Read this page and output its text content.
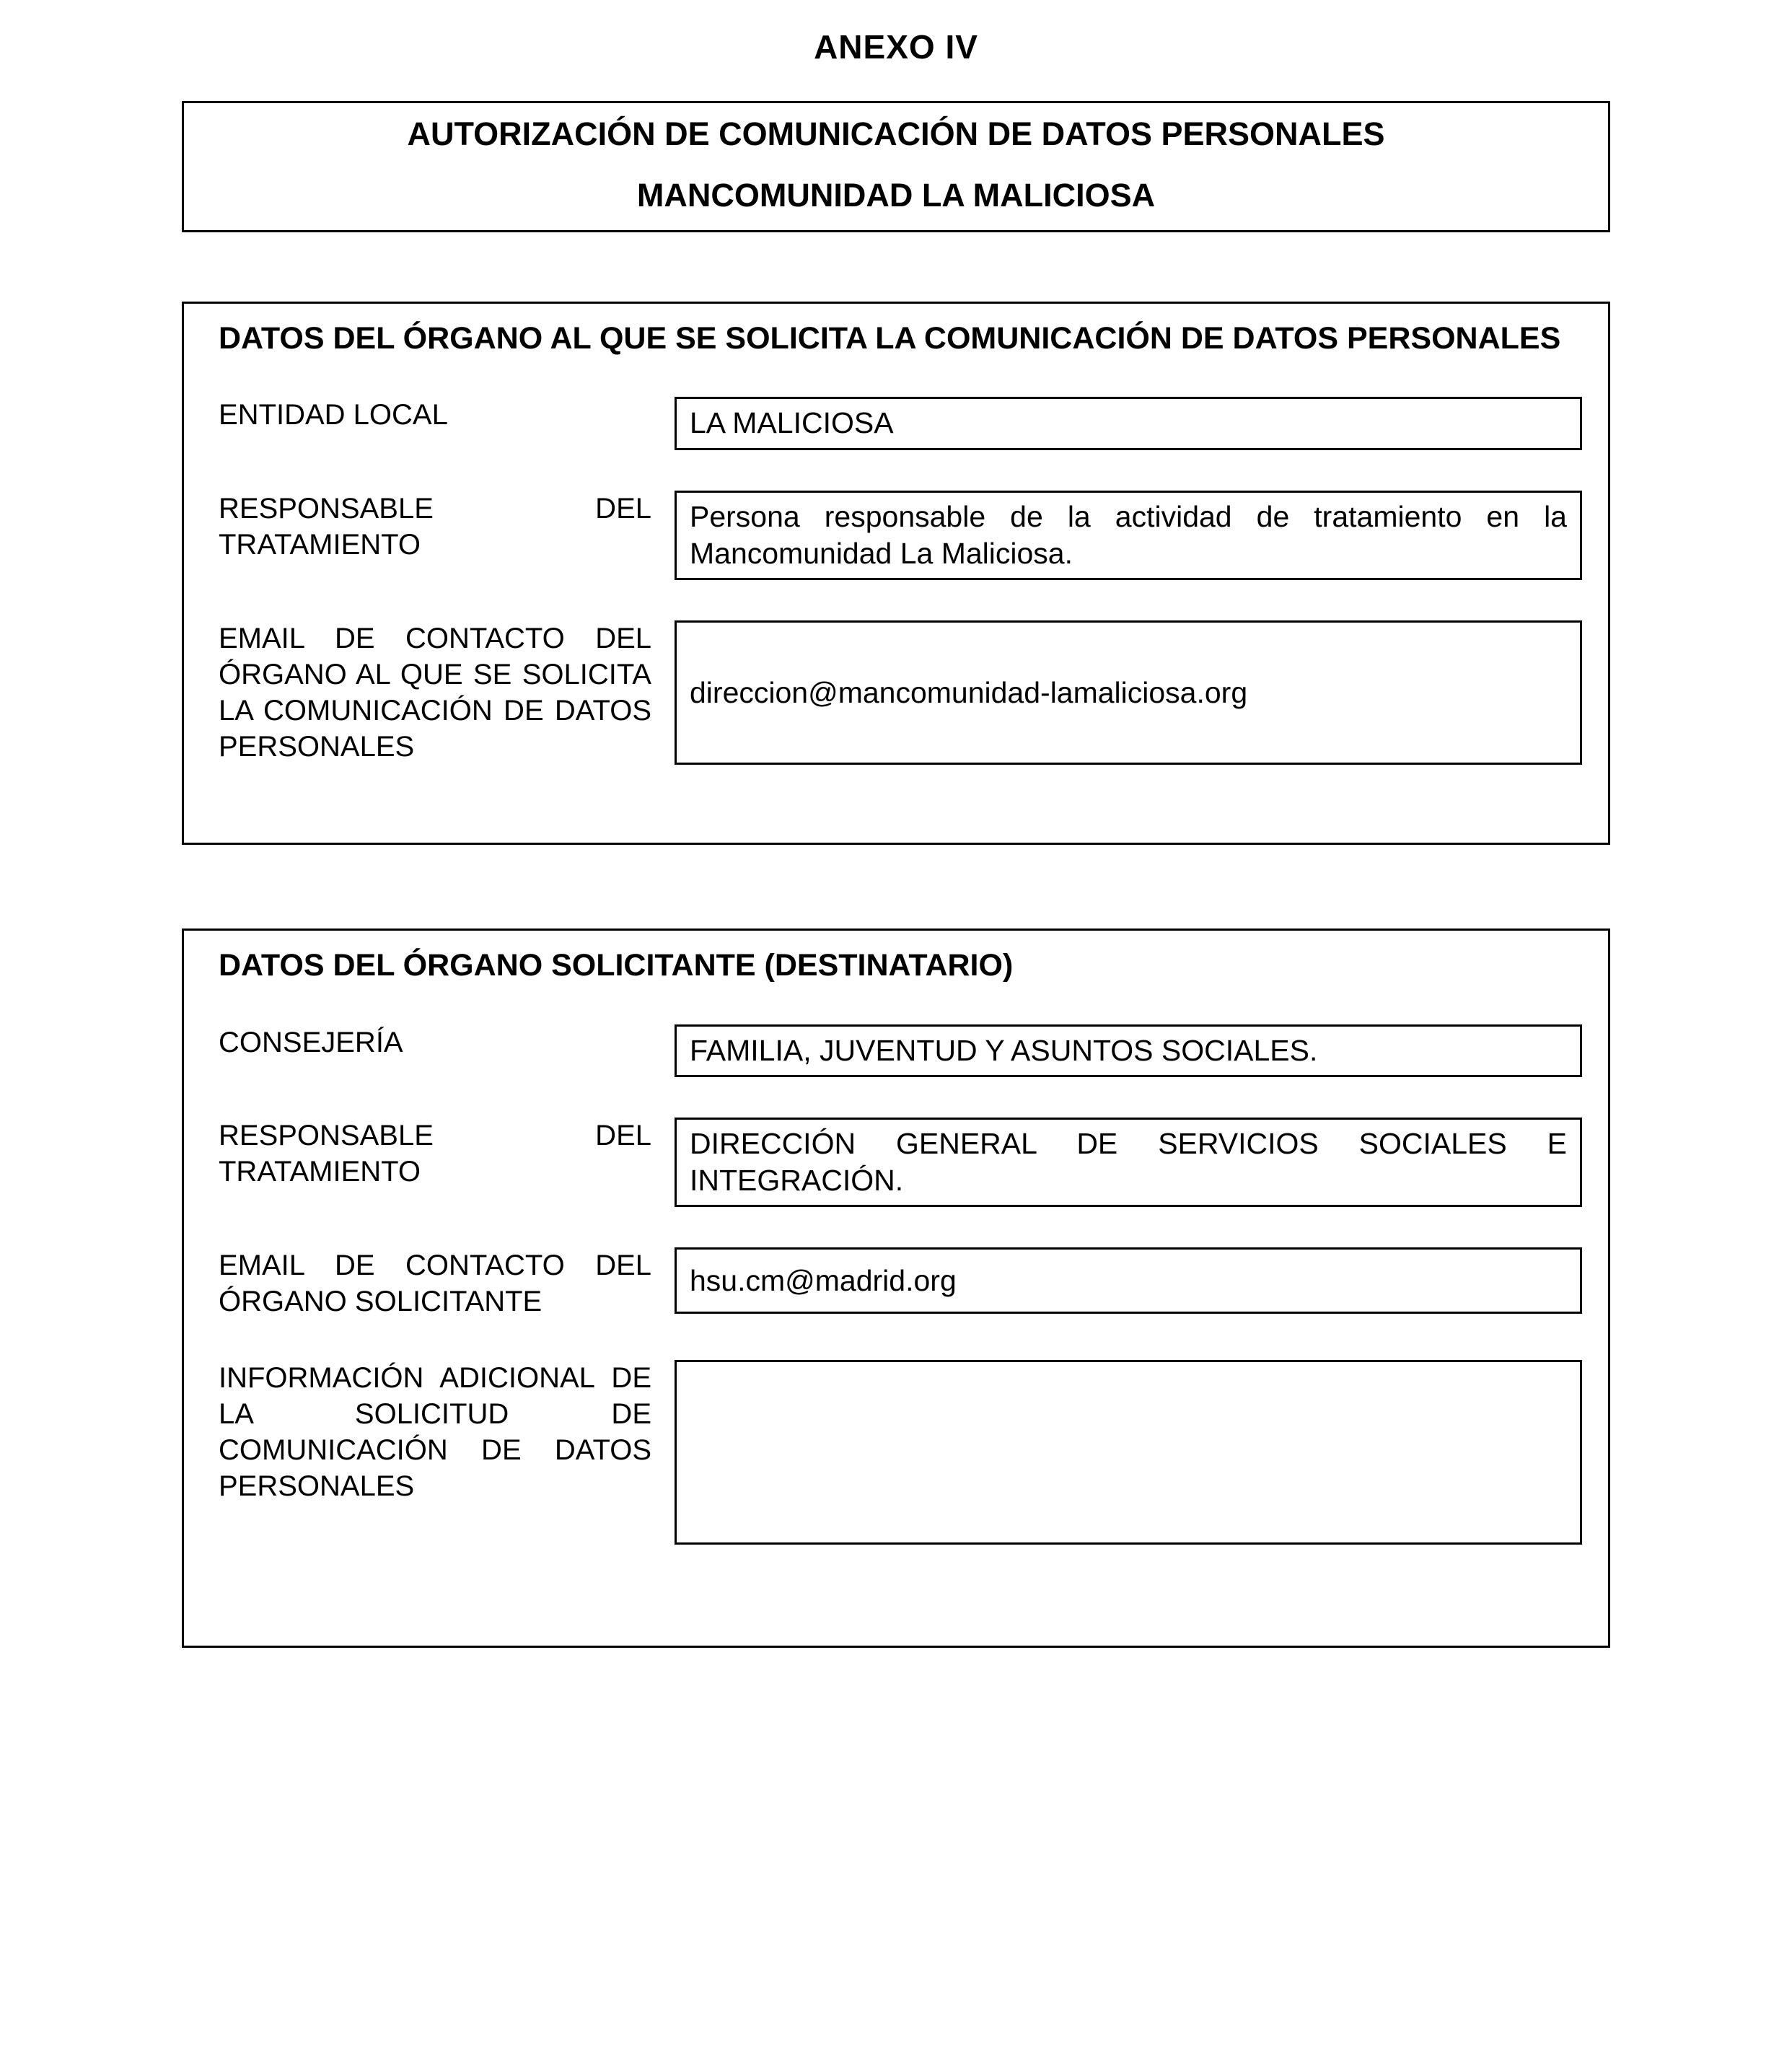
ANEXO IV
AUTORIZACIÓN DE COMUNICACIÓN DE DATOS PERSONALES
MANCOMUNIDAD LA MALICIOSA
DATOS DEL ÓRGANO AL QUE SE SOLICITA LA COMUNICACIÓN DE DATOS PERSONALES
ENTIDAD LOCAL	LA MALICIOSA
RESPONSABLE DEL TRATAMIENTO
Persona responsable de la actividad de tratamiento en la Mancomunidad La Maliciosa.
EMAIL DE CONTACTO DEL ÓRGANO AL QUE SE SOLICITA LA COMUNICACIÓN DE DATOS PERSONALES
direccion@mancomunidad-lamaliciosa.org
DATOS DEL ÓRGANO SOLICITANTE (DESTINATARIO)
CONSEJERÍA	FAMILIA, JUVENTUD Y ASUNTOS SOCIALES.
RESPONSABLE DEL TRATAMIENTO
DIRECCIÓN GENERAL DE SERVICIOS SOCIALES E INTEGRACIÓN.
EMAIL DE CONTACTO DEL ÓRGANO SOLICITANTE
hsu.cm@madrid.org
INFORMACIÓN ADICIONAL DE LA SOLICITUD DE COMUNICACIÓN DE DATOS PERSONALES
